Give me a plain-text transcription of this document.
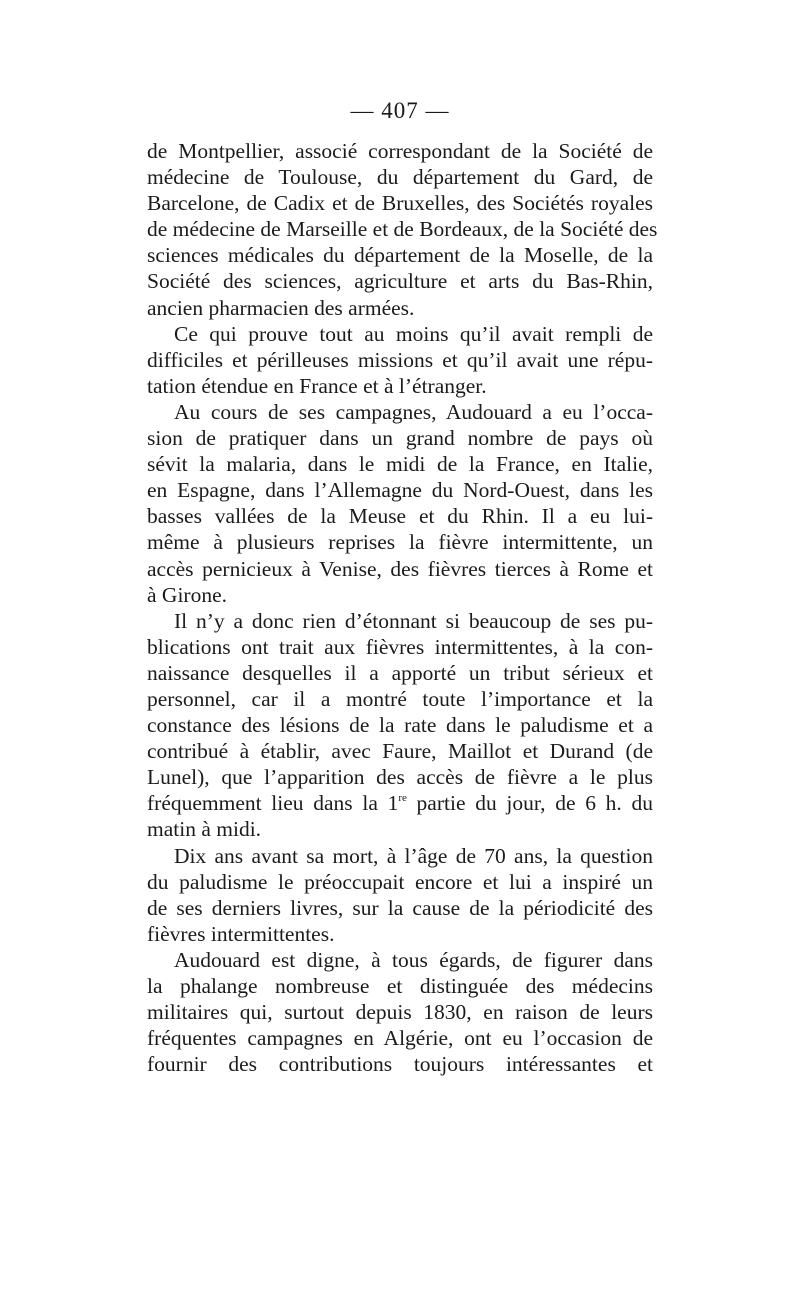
— 407 —
de Montpellier, associé correspondant de la Société de
médecine de Toulouse, du département du Gard, de
Barcelone, de Cadix et de Bruxelles, des Sociétés royales
de médecine de Marseille et de Bordeaux, de la Société des
sciences médicales du département de la Moselle, de la
Société des sciences, agriculture et arts du Bas-Rhin,
ancien pharmacien des armées.
Ce qui prouve tout au moins qu’il avait rempli de
difficiles et périlleuses missions et qu’il avait une répu-
tation étendue en France et à l’étranger.
Au cours de ses campagnes, Audouard a eu l’occa-
sion de pratiquer dans un grand nombre de pays où
sévit la malaria, dans le midi de la France, en Italie,
en Espagne, dans l’Allemagne du Nord-Ouest, dans les
basses vallées de la Meuse et du Rhin. Il a eu lui-
même à plusieurs reprises la fièvre intermittente, un
accès pernicieux à Venise, des fièvres tierces à Rome et
à Girone.
Il n’y a donc rien d’étonnant si beaucoup de ses pu-
blications ont trait aux fièvres intermittentes, à la con-
naissance desquelles il a apporté un tribut sérieux et
personnel, car il a montré toute l’importance et la
constance des lésions de la rate dans le paludisme et a
contribué à établir, avec Faure, Maillot et Durand (de
Lunel), que l’apparition des accès de fièvre a le plus
fréquemment lieu dans la 1re partie du jour, de 6 h. du
matin à midi.
Dix ans avant sa mort, à l’âge de 70 ans, la question
du paludisme le préoccupait encore et lui a inspiré un
de ses derniers livres, sur la cause de la périodicité des
fièvres intermittentes.
Audouard est digne, à tous égards, de figurer dans
la phalange nombreuse et distinguée des médecins
militaires qui, surtout depuis 1830, en raison de leurs
fréquentes campagnes en Algérie, ont eu l’occasion de
fournir des contributions toujours intéressantes et
